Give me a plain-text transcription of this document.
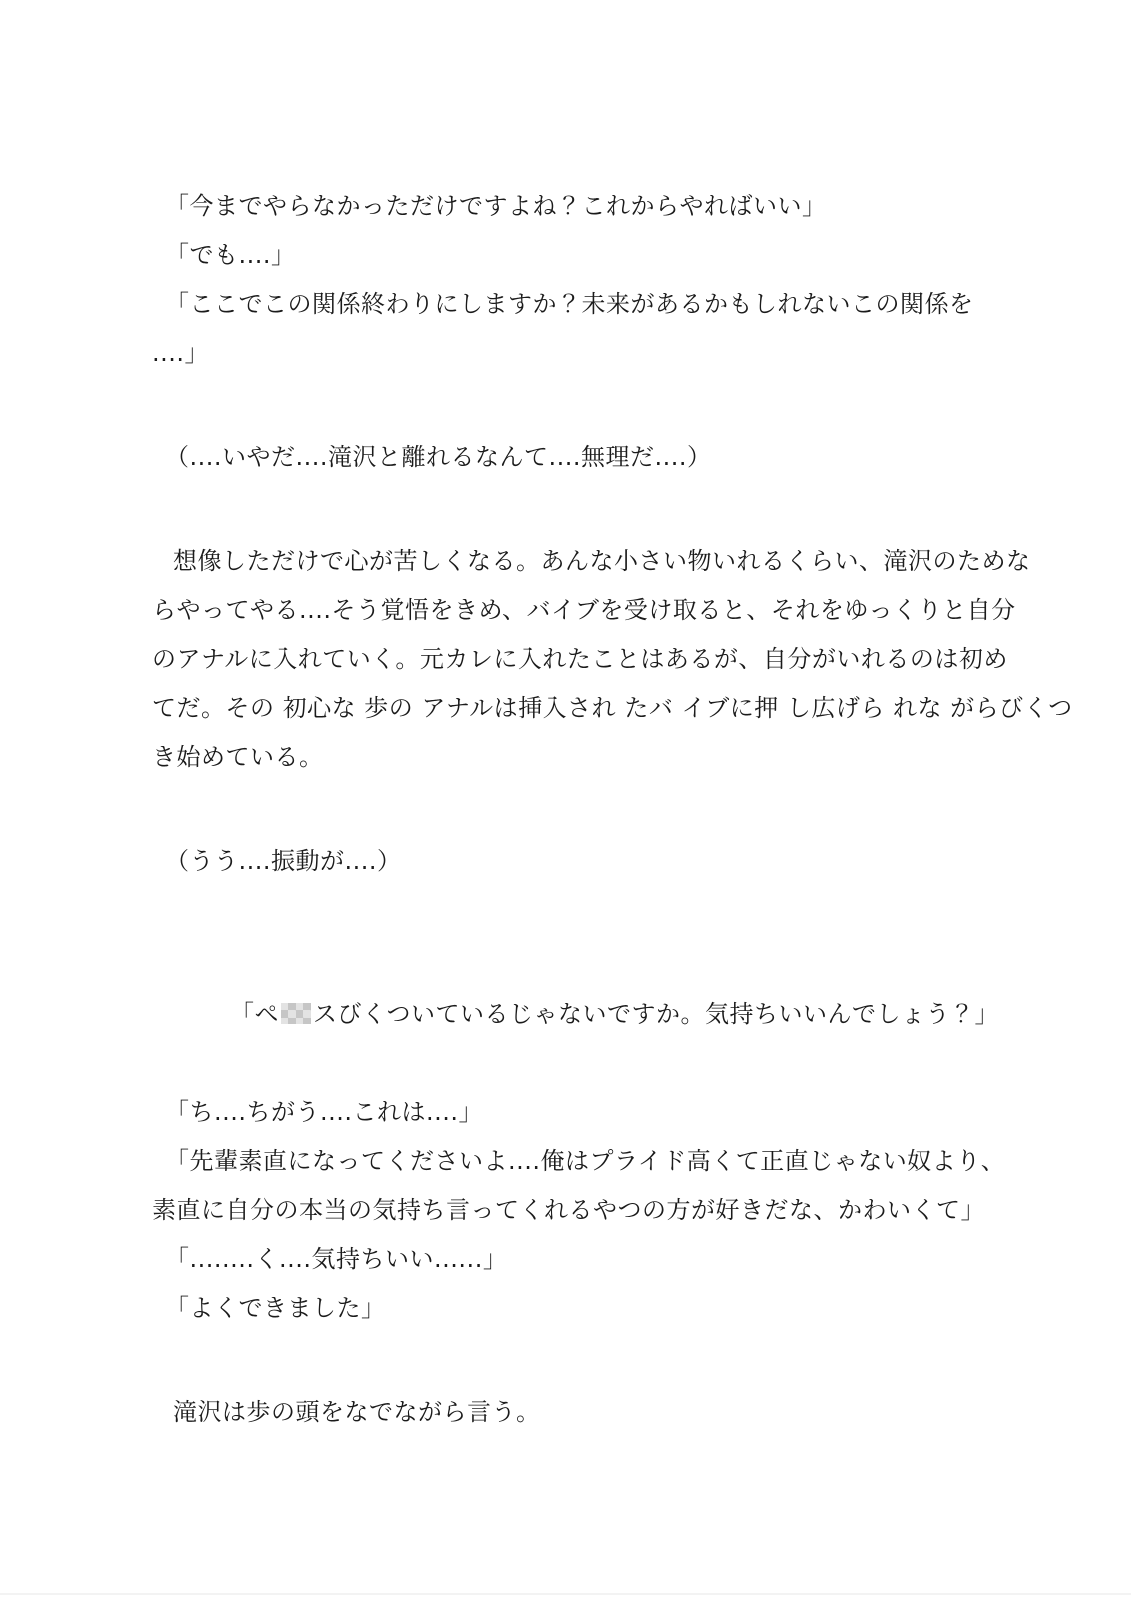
「今までやらなかっただけですよね？これからやればいい」
「でも....」
「ここでこの関係終わりにしますか？未来があるかもしれないこの関係を
....」
（....いやだ....滝沢と離れるなんて....無理だ....）
想像しただけで心が苦しくなる。あんな小さい物いれるくらい、滝沢のためな
らやってやる....そう覚悟をきめ、バイブを受け取ると、それをゆっくりと自分
のアナルに入れていく。元カレに入れたことはあるが、自分がいれるのは初め
てだ。その 初心な 歩の アナルは挿入され たバ イブに押 し広げら れな がらびくつ
き始めている。
（うう....振動が....）

「ペ スびくついているじゃないですか。気持ちいいんでしょう？」

「ち....ちがう....これは....」
「先輩素直になってくださいよ....俺はプライド高くて正直じゃない奴より、
素直に自分の本当の気持ち言ってくれるやつの方が好きだな、かわいくて」
「........く....気持ちいい......」
「よくできました」
滝沢は歩の頭をなでながら言う。
